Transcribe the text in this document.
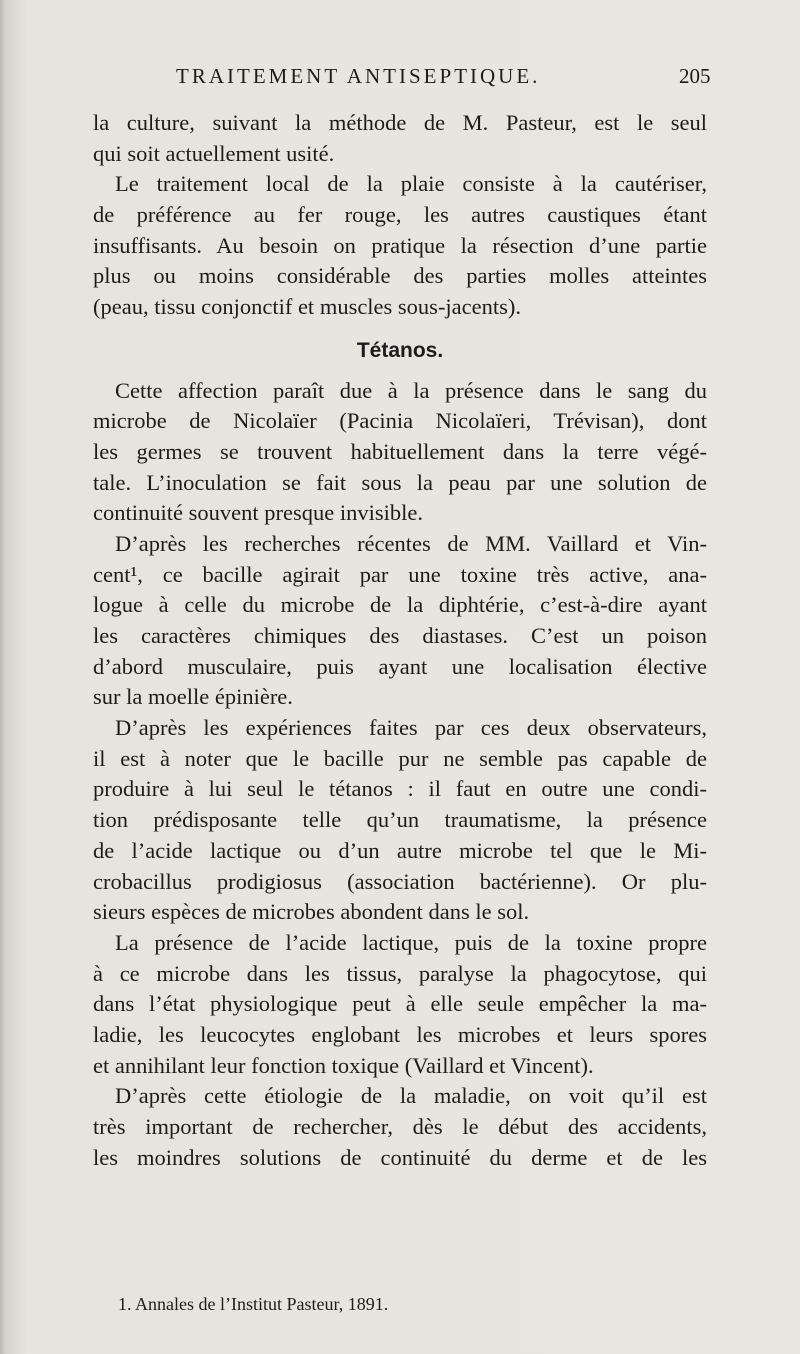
TRAITEMENT ANTISEPTIQUE.	205
la culture, suivant la méthode de M. Pasteur, est le seul
qui soit actuellement usité.
Le traitement local de la plaie consiste à la cautériser,
de préférence au fer rouge, les autres caustiques étant
insuffisants. Au besoin on pratique la résection d’une partie
plus ou moins considérable des parties molles atteintes
(peau, tissu conjonctif et muscles sous-jacents).
Tétanos.
Cette affection paraît due à la présence dans le sang du
microbe de Nicolaïer (Pacinia Nicolaïeri, Trévisan), dont
les germes se trouvent habituellement dans la terre végé-
tale. L’inoculation se fait sous la peau par une solution de
continuité souvent presque invisible.
D’après les recherches récentes de MM. Vaillard et Vin-
cent¹, ce bacille agirait par une toxine très active, ana-
logue à celle du microbe de la diphtérie, c’est-à-dire ayant
les caractères chimiques des diastases. C’est un poison
d’abord musculaire, puis ayant une localisation élective
sur la moelle épinière.
D’après les expériences faites par ces deux observateurs,
il est à noter que le bacille pur ne semble pas capable de
produire à lui seul le tétanos : il faut en outre une condi-
tion prédisposante telle qu’un traumatisme, la présence
de l’acide lactique ou d’un autre microbe tel que le Mi-
crobacillus prodigiosus (association bactérienne). Or plu-
sieurs espèces de microbes abondent dans le sol.
La présence de l’acide lactique, puis de la toxine propre
à ce microbe dans les tissus, paralyse la phagocytose, qui
dans l’état physiologique peut à elle seule empêcher la ma-
ladie, les leucocytes englobant les microbes et leurs spores
et annihilant leur fonction toxique (Vaillard et Vincent).
D’après cette étiologie de la maladie, on voit qu’il est
très important de rechercher, dès le début des accidents,
les moindres solutions de continuité du derme et de les
1. Annales de l’Institut Pasteur, 1891.
